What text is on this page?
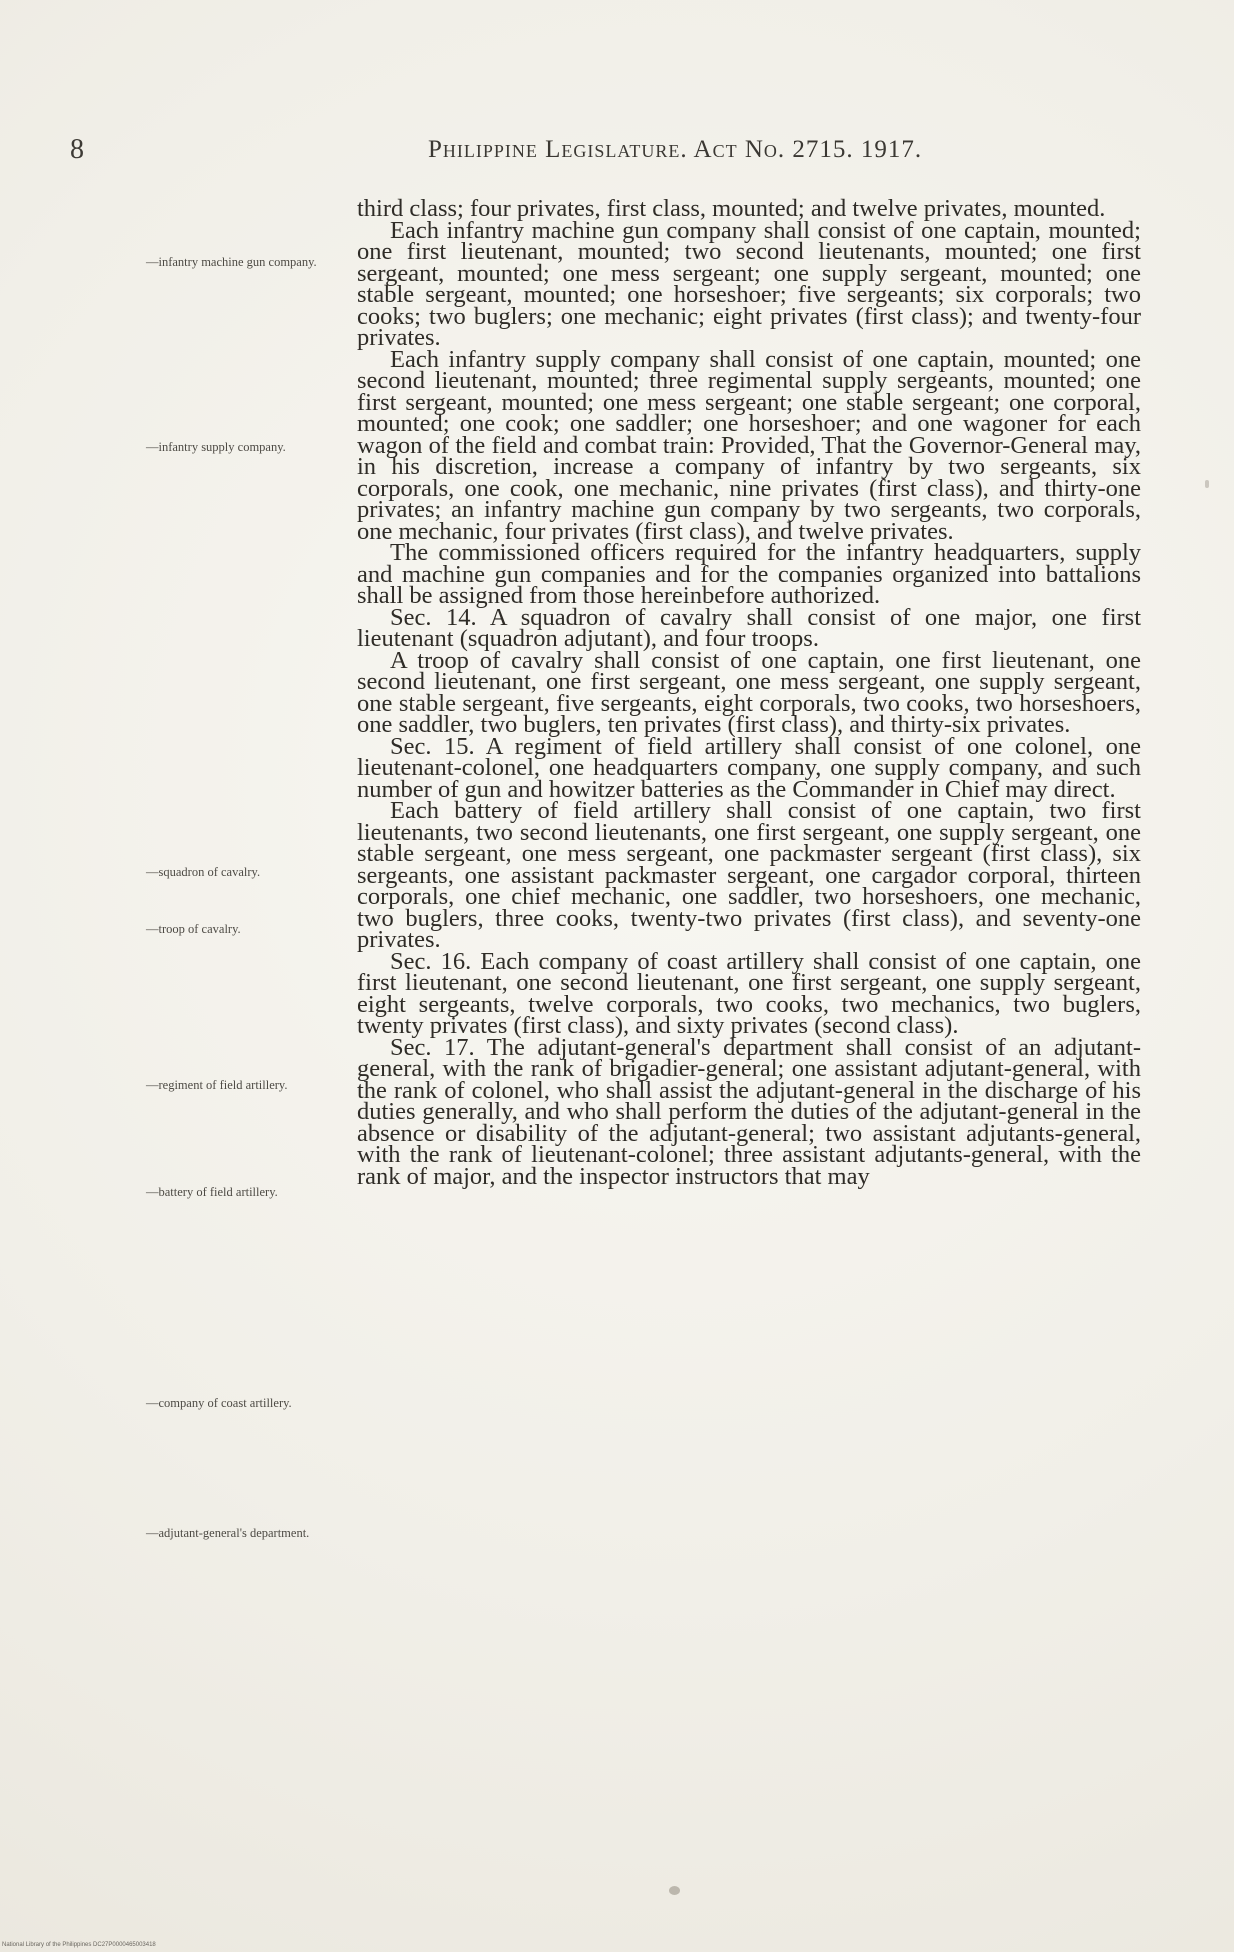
8	Philippine Legislature. Act No. 2715. 1917.
—infantry machine gun company.
—infantry supply company.
—squadron of cavalry.
—troop of cavalry.
—regiment of field artillery.
—battery of field artillery.
—company of coast artillery.
—adjutant-general's department.

third class; four privates, first class, mounted; and twelve privates, mounted.

Each infantry machine gun company shall consist of one captain, mounted; one first lieutenant, mounted; two second lieutenants, mounted; one first sergeant, mounted; one mess sergeant; one supply sergeant, mounted; one stable sergeant, mounted; one horseshoer; five sergeants; six corporals; two cooks; two buglers; one mechanic; eight privates (first class); and twenty-four privates.

Each infantry supply company shall consist of one captain, mounted; one second lieutenant, mounted; three regimental supply sergeants, mounted; one first sergeant, mounted; one mess sergeant; one stable sergeant; one corporal, mounted; one cook; one saddler; one horseshoer; and one wagoner for each wagon of the field and combat train: Provided, That the Governor-General may, in his discretion, increase a company of infantry by two sergeants, six corporals, one cook, one mechanic, nine privates (first class), and thirty-one privates; an infantry machine gun company by two sergeants, two corporals, one mechanic, four privates (first class), and twelve privates.

The commissioned officers required for the infantry headquarters, supply and machine gun companies and for the companies organized into battalions shall be assigned from those hereinbefore authorized.

Sec. 14. A squadron of cavalry shall consist of one major, one first lieutenant (squadron adjutant), and four troops.

A troop of cavalry shall consist of one captain, one first lieutenant, one second lieutenant, one first sergeant, one mess sergeant, one supply sergeant, one stable sergeant, five sergeants, eight corporals, two cooks, two horseshoers, one saddler, two buglers, ten privates (first class), and thirty-six privates.

Sec. 15. A regiment of field artillery shall consist of one colonel, one lieutenant-colonel, one headquarters company, one supply company, and such number of gun and howitzer batteries as the Commander in Chief may direct.

Each battery of field artillery shall consist of one captain, two first lieutenants, two second lieutenants, one first sergeant, one supply sergeant, one stable sergeant, one mess sergeant, one packmaster sergeant (first class), six sergeants, one assistant packmaster sergeant, one cargador corporal, thirteen corporals, one chief mechanic, one saddler, two horseshoers, one mechanic, two buglers, three cooks, twenty-two privates (first class), and seventy-one privates.

Sec. 16. Each company of coast artillery shall consist of one captain, one first lieutenant, one second lieutenant, one first sergeant, one supply sergeant, eight sergeants, twelve corporals, two cooks, two mechanics, two buglers, twenty privates (first class), and sixty privates (second class).

Sec. 17. The adjutant-general's department shall consist of an adjutant-general, with the rank of brigadier-general; one assistant adjutant-general, with the rank of colonel, who shall assist the adjutant-general in the discharge of his duties generally, and who shall perform the duties of the adjutant-general in the absence or disability of the adjutant-general; two assistant adjutants-general, with the rank of lieutenant-colonel; three assistant adjutants-general, with the rank of major, and the inspector instructors that may

National Library of the Philippines DC27P0000465003418
